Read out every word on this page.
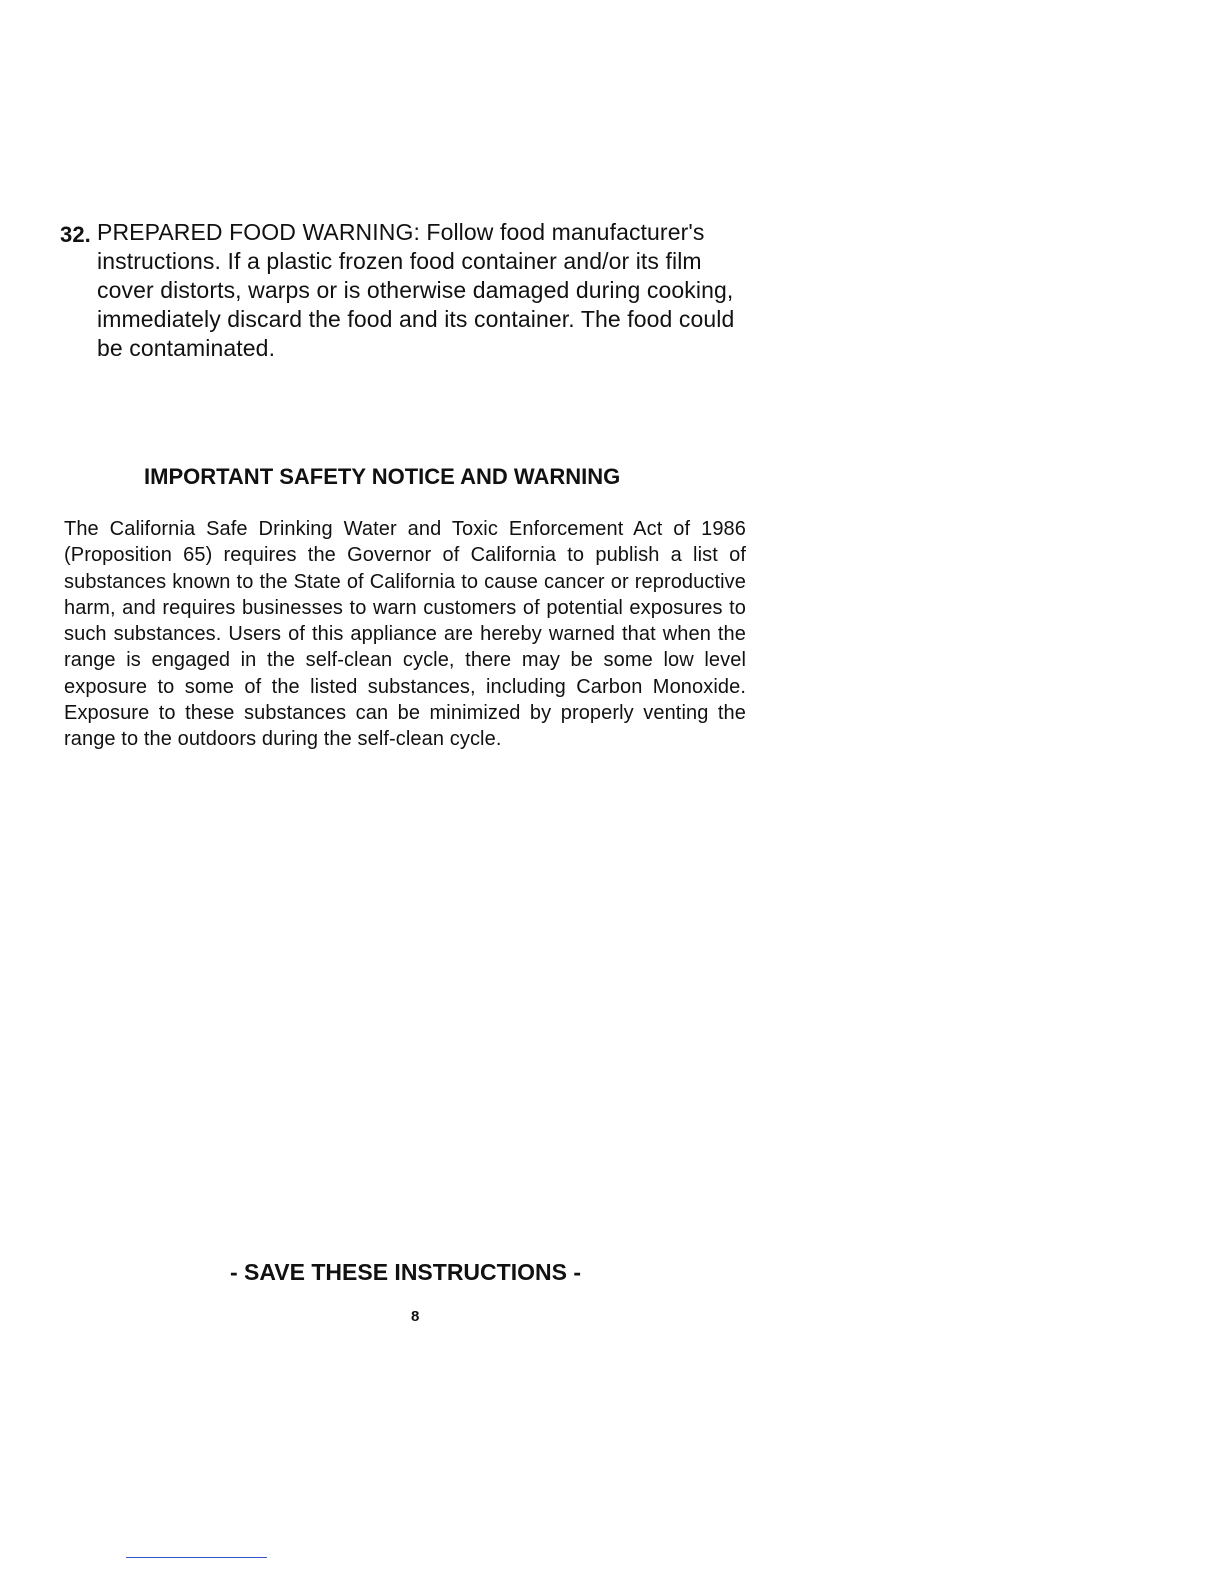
32. PREPARED FOOD WARNING: Follow food manufacturer's instructions. If a plastic frozen food container and/or its film cover distorts, warps or is otherwise damaged during cooking, immediately discard the food and its container. The food could be contaminated.
IMPORTANT SAFETY NOTICE AND WARNING
The California Safe Drinking Water and Toxic Enforcement Act of 1986 (Proposition 65) requires the Governor of California to publish a list of substances known to the State of California to cause cancer or reproductive harm, and requires businesses to warn customers of potential exposures to such substances. Users of this appliance are hereby warned that when the range is engaged in the self-clean cycle, there may be some low level exposure to some of the listed substances, including Carbon Monoxide. Exposure to these substances can be minimized by properly venting the range to the outdoors during the self-clean cycle.
- SAVE THESE INSTRUCTIONS -
8
